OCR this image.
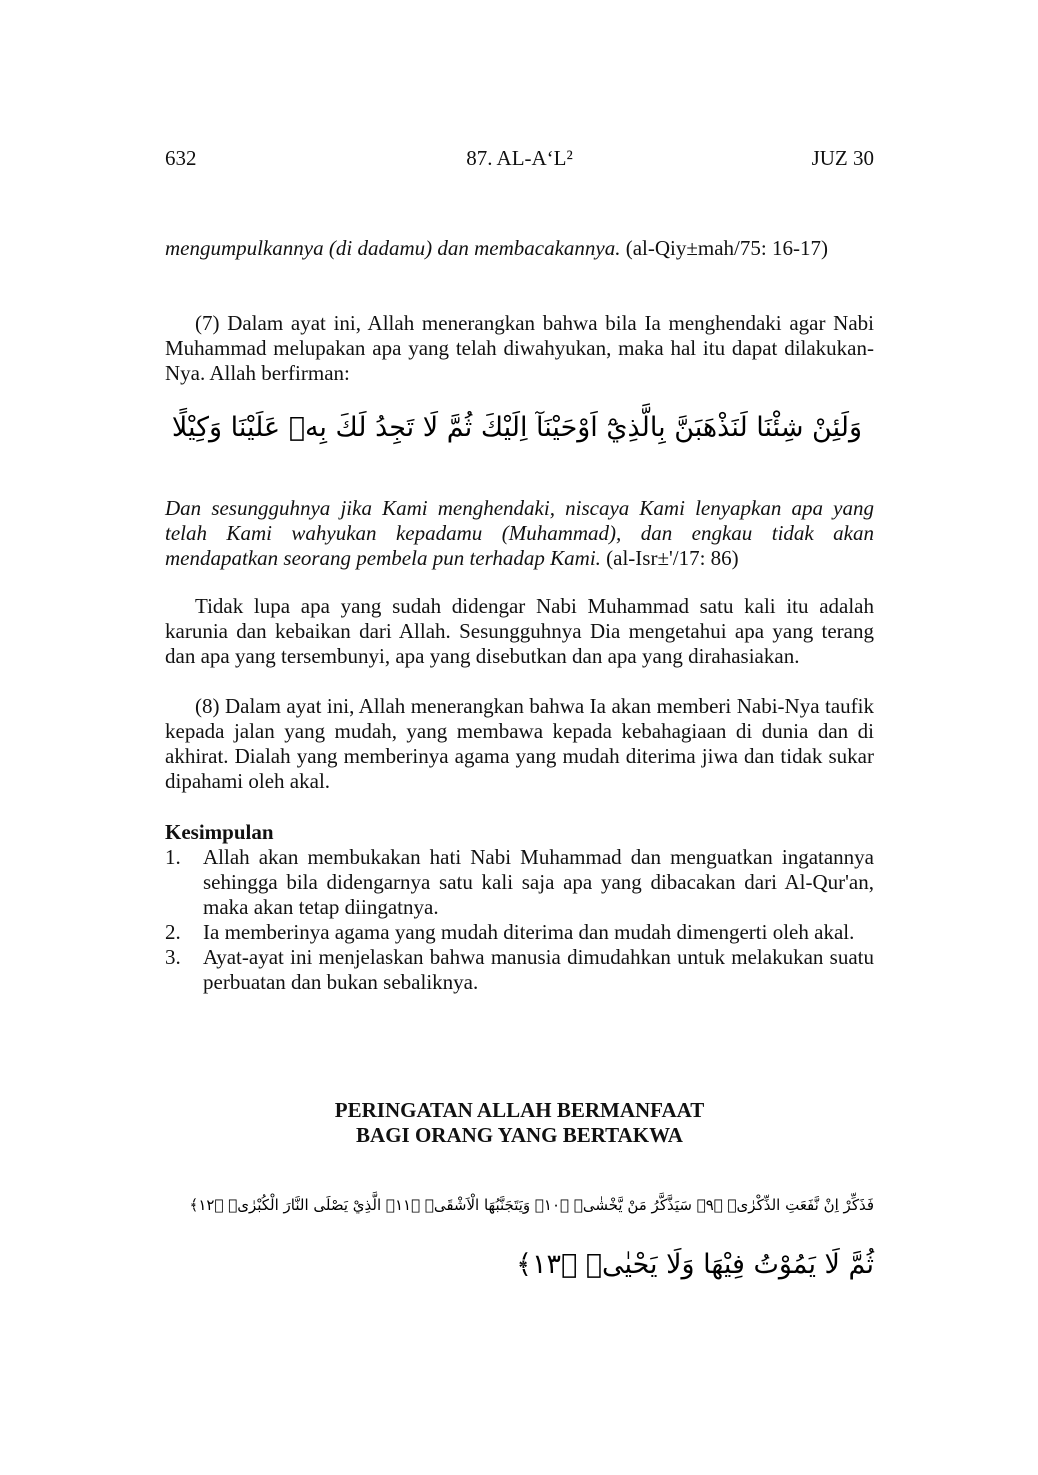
632	87. AL-A‘L²	JUZ 30

mengumpulkannya (di dadamu) dan membacakannya. (al-Qiy±mah/75: 16-17)

(7) Dalam ayat ini, Allah menerangkan bahwa bila Ia menghendaki agar Nabi Muhammad melupakan apa yang telah diwahyukan, maka hal itu dapat dilakukan-Nya. Allah berfirman:

وَلَئِنْ شِئْنَا لَنَذْهَبَنَّ بِالَّذِيْٓ اَوْحَيْنَآ اِلَيْكَ ثُمَّ لَا تَجِدُ لَكَ بِهٖ عَلَيْنَا وَكِيْلًا

Dan sesungguhnya jika Kami menghendaki, niscaya Kami lenyapkan apa yang telah Kami wahyukan kepadamu (Muhammad), dan engkau tidak akan mendapatkan seorang pembela pun terhadap Kami. (al-Isr±'/17: 86)

Tidak lupa apa yang sudah didengar Nabi Muhammad satu kali itu adalah karunia dan kebaikan dari Allah. Sesungguhnya Dia mengetahui apa yang terang dan apa yang tersembunyi, apa yang disebutkan dan apa yang dirahasiakan.

(8) Dalam ayat ini, Allah menerangkan bahwa Ia akan memberi Nabi-Nya taufik kepada jalan yang mudah, yang membawa kepada kebahagiaan di dunia dan di akhirat. Dialah yang memberinya agama yang mudah diterima jiwa dan tidak sukar dipahami oleh akal.

Kesimpulan
1. Allah akan membukakan hati Nabi Muhammad dan menguatkan ingatannya sehingga bila didengarnya satu kali saja apa yang dibacakan dari Al-Qur'an, maka akan tetap diingatnya.
2. Ia memberinya agama yang mudah diterima dan mudah dimengerti oleh akal.
3. Ayat-ayat ini menjelaskan bahwa manusia dimudahkan untuk melakukan suatu perbuatan dan bukan sebaliknya.
PERINGATAN ALLAH BERMANFAAT
BAGI ORANG YANG BERTAKWA
فَذَكِّرْ اِنْ نَّفَعَتِ الذِّكْرٰىۗ ﴿٩﴾ سَيَذَّكَّرُ مَنْ يَّخْشٰىۙ ﴿١٠﴾ وَيَتَجَنَّبُهَا الْاَشْقَىۙ ﴿١١﴾ الَّذِيْ يَصْلَى النَّارَ الْكُبْرٰىۚ ﴿١٢﴾
ثُمَّ لَا يَمُوْتُ فِيْهَا وَلَا يَحْيٰىۗ ﴿١٣﴾
